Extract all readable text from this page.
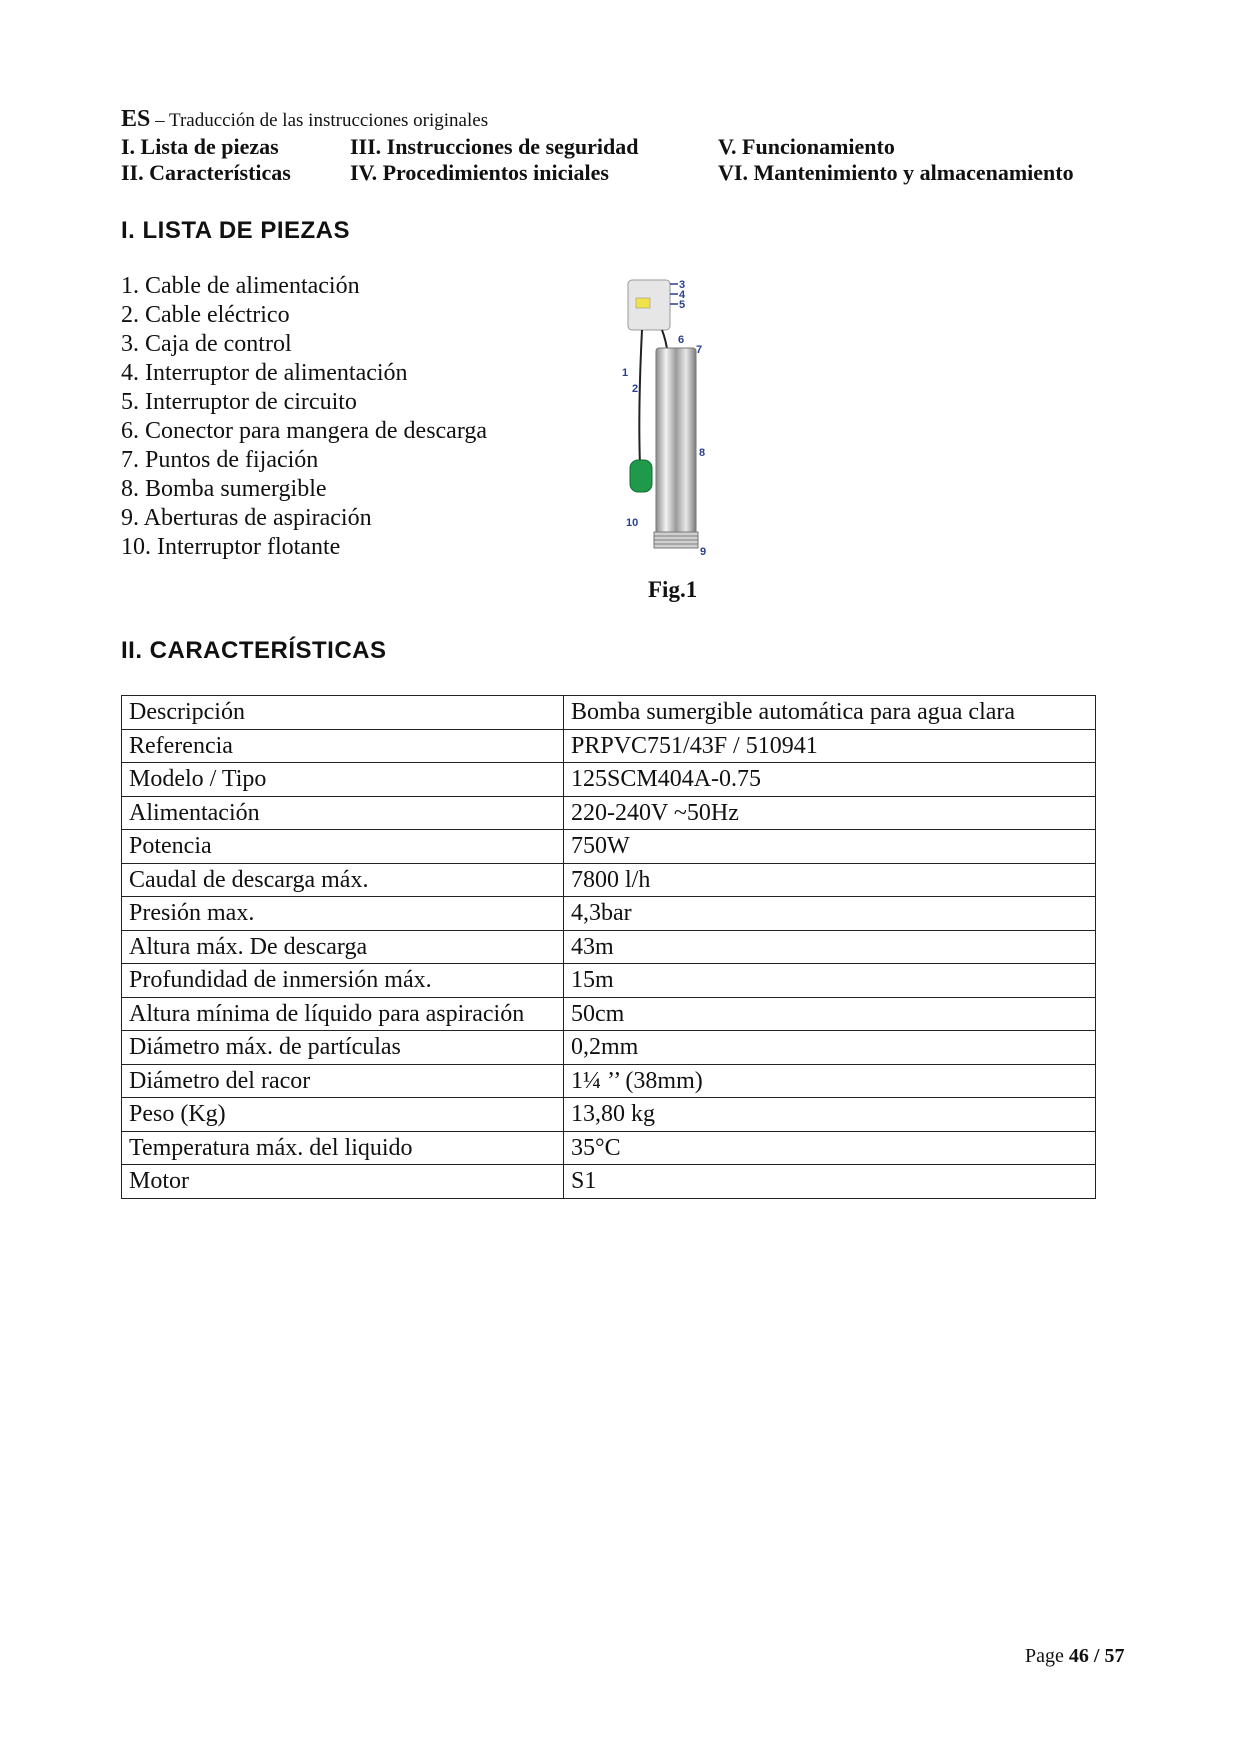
ES – Traducción de las instrucciones originales
I. Lista de piezas
II. Características
III. Instrucciones de seguridad
IV. Procedimientos iniciales
V. Funcionamiento
VI. Mantenimiento y almacenamiento
I. LISTA DE PIEZAS
1. Cable de alimentación
2. Cable eléctrico
3. Caja de control
4. Interruptor de alimentación
5. Interruptor de circuito
6. Conector para mangera de descarga
7. Puntos de fijación
8. Bomba sumergible
9. Aberturas de aspiración
10. Interruptor flotante
3
4
5
6
7
1
2
8
10
9
Fig.1
II. CARACTERÍSTICAS
Descripción	Bomba sumergible automática para agua clara
Referencia	PRPVC751/43F / 510941
Modelo / Tipo	125SCM404A-0.75
Alimentación	220-240V ~50Hz
Potencia	750W
Caudal de descarga máx.	7800 l/h
Presión max.	4,3bar
Altura máx. De descarga	43m
Profundidad de inmersión máx.	15m
Altura mínima de líquido para aspiración	50cm
Diámetro máx. de partículas	0,2mm
Diámetro del racor	1¼ ’’ (38mm)
Peso (Kg)	13,80 kg
Temperatura máx. del liquido	35°C
Motor	S1
Page 46 / 57
